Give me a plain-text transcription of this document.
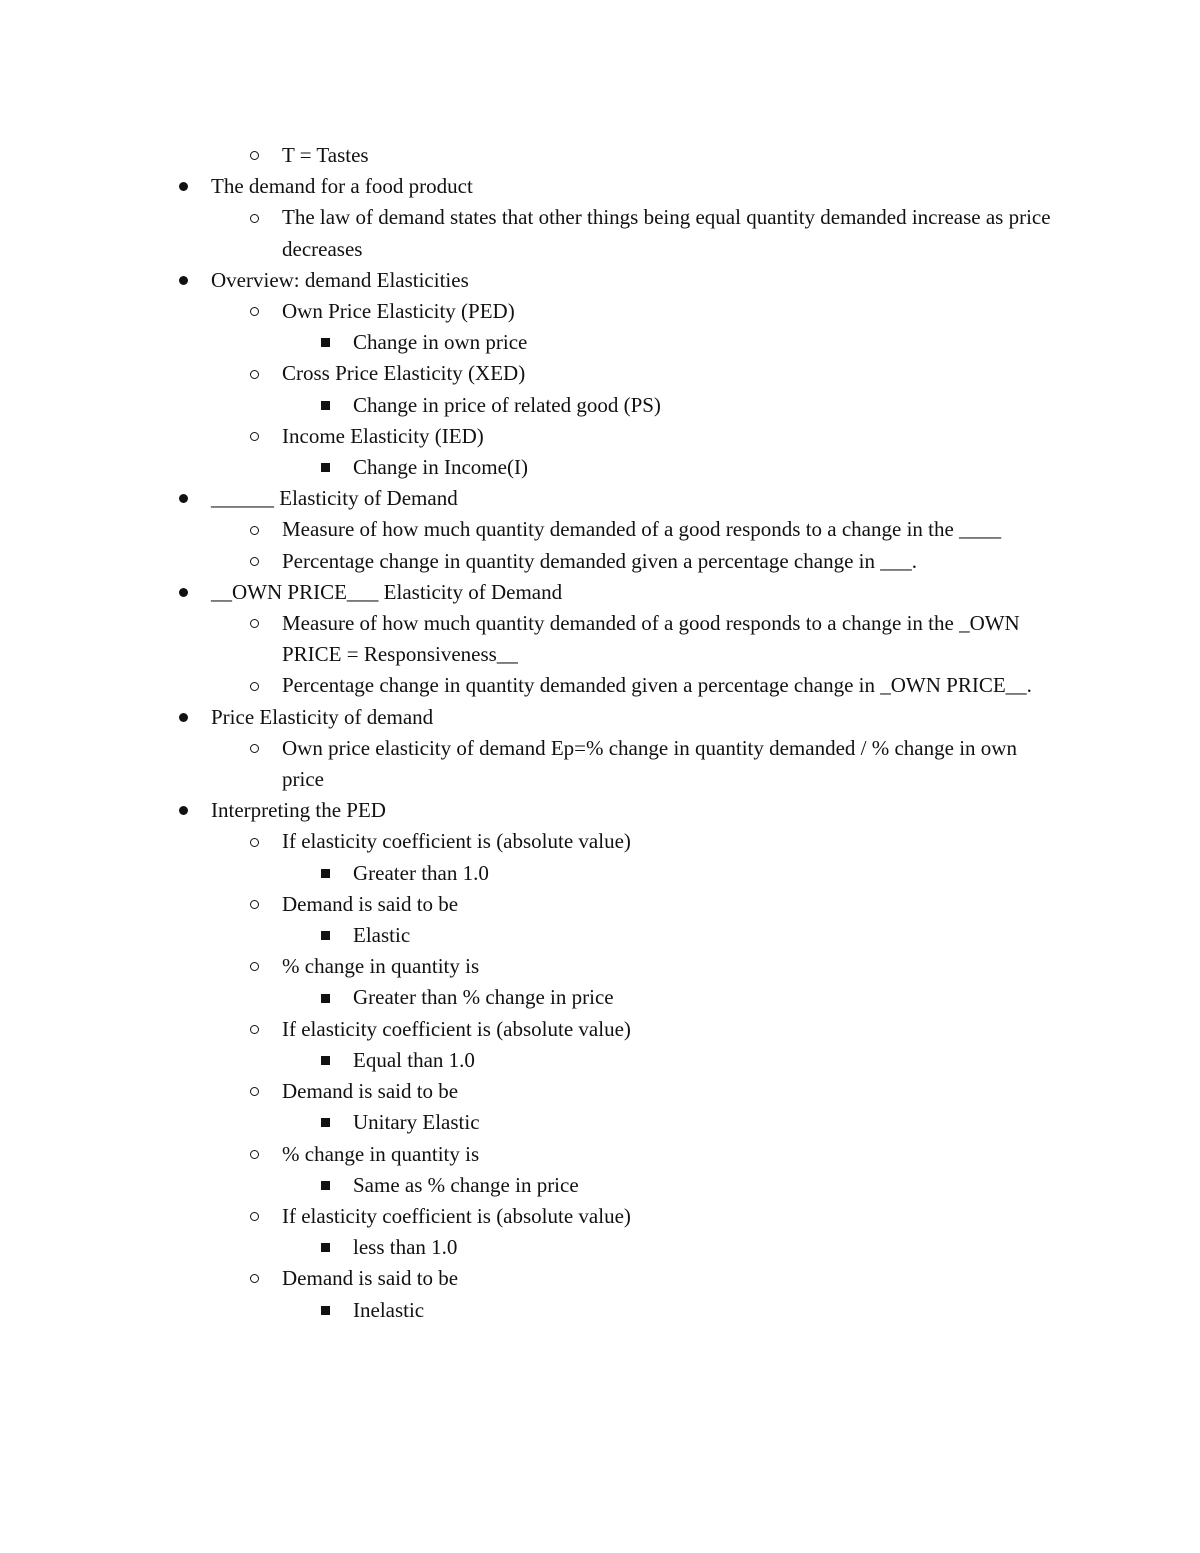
T = Tastes
The demand for a food product
The law of demand states that other things being equal quantity demanded increase as price decreases
Overview: demand Elasticities
Own Price Elasticity (PED)
Change in own price
Cross Price Elasticity (XED)
Change in price of related good (PS)
Income Elasticity (IED)
Change in Income(I)
______ Elasticity of Demand
Measure of how much quantity demanded of a good responds to a change in the ____
Percentage change in quantity demanded given a percentage change in ___.
__OWN PRICE___ Elasticity of Demand
Measure of how much quantity demanded of a good responds to a change in the _OWN PRICE = Responsiveness__
Percentage change in quantity demanded given a percentage change in _OWN PRICE__.
Price Elasticity of demand
Own price elasticity of demand Ep=% change in quantity demanded / % change in own price
Interpreting the PED
If elasticity coefficient is (absolute value)
Greater than 1.0
Demand is said to be
Elastic
% change in quantity is
Greater than % change in price
If elasticity coefficient is (absolute value)
Equal than 1.0
Demand is said to be
Unitary Elastic
% change in quantity is
Same as % change in price
If elasticity coefficient is (absolute value)
less than 1.0
Demand is said to be
Inelastic
